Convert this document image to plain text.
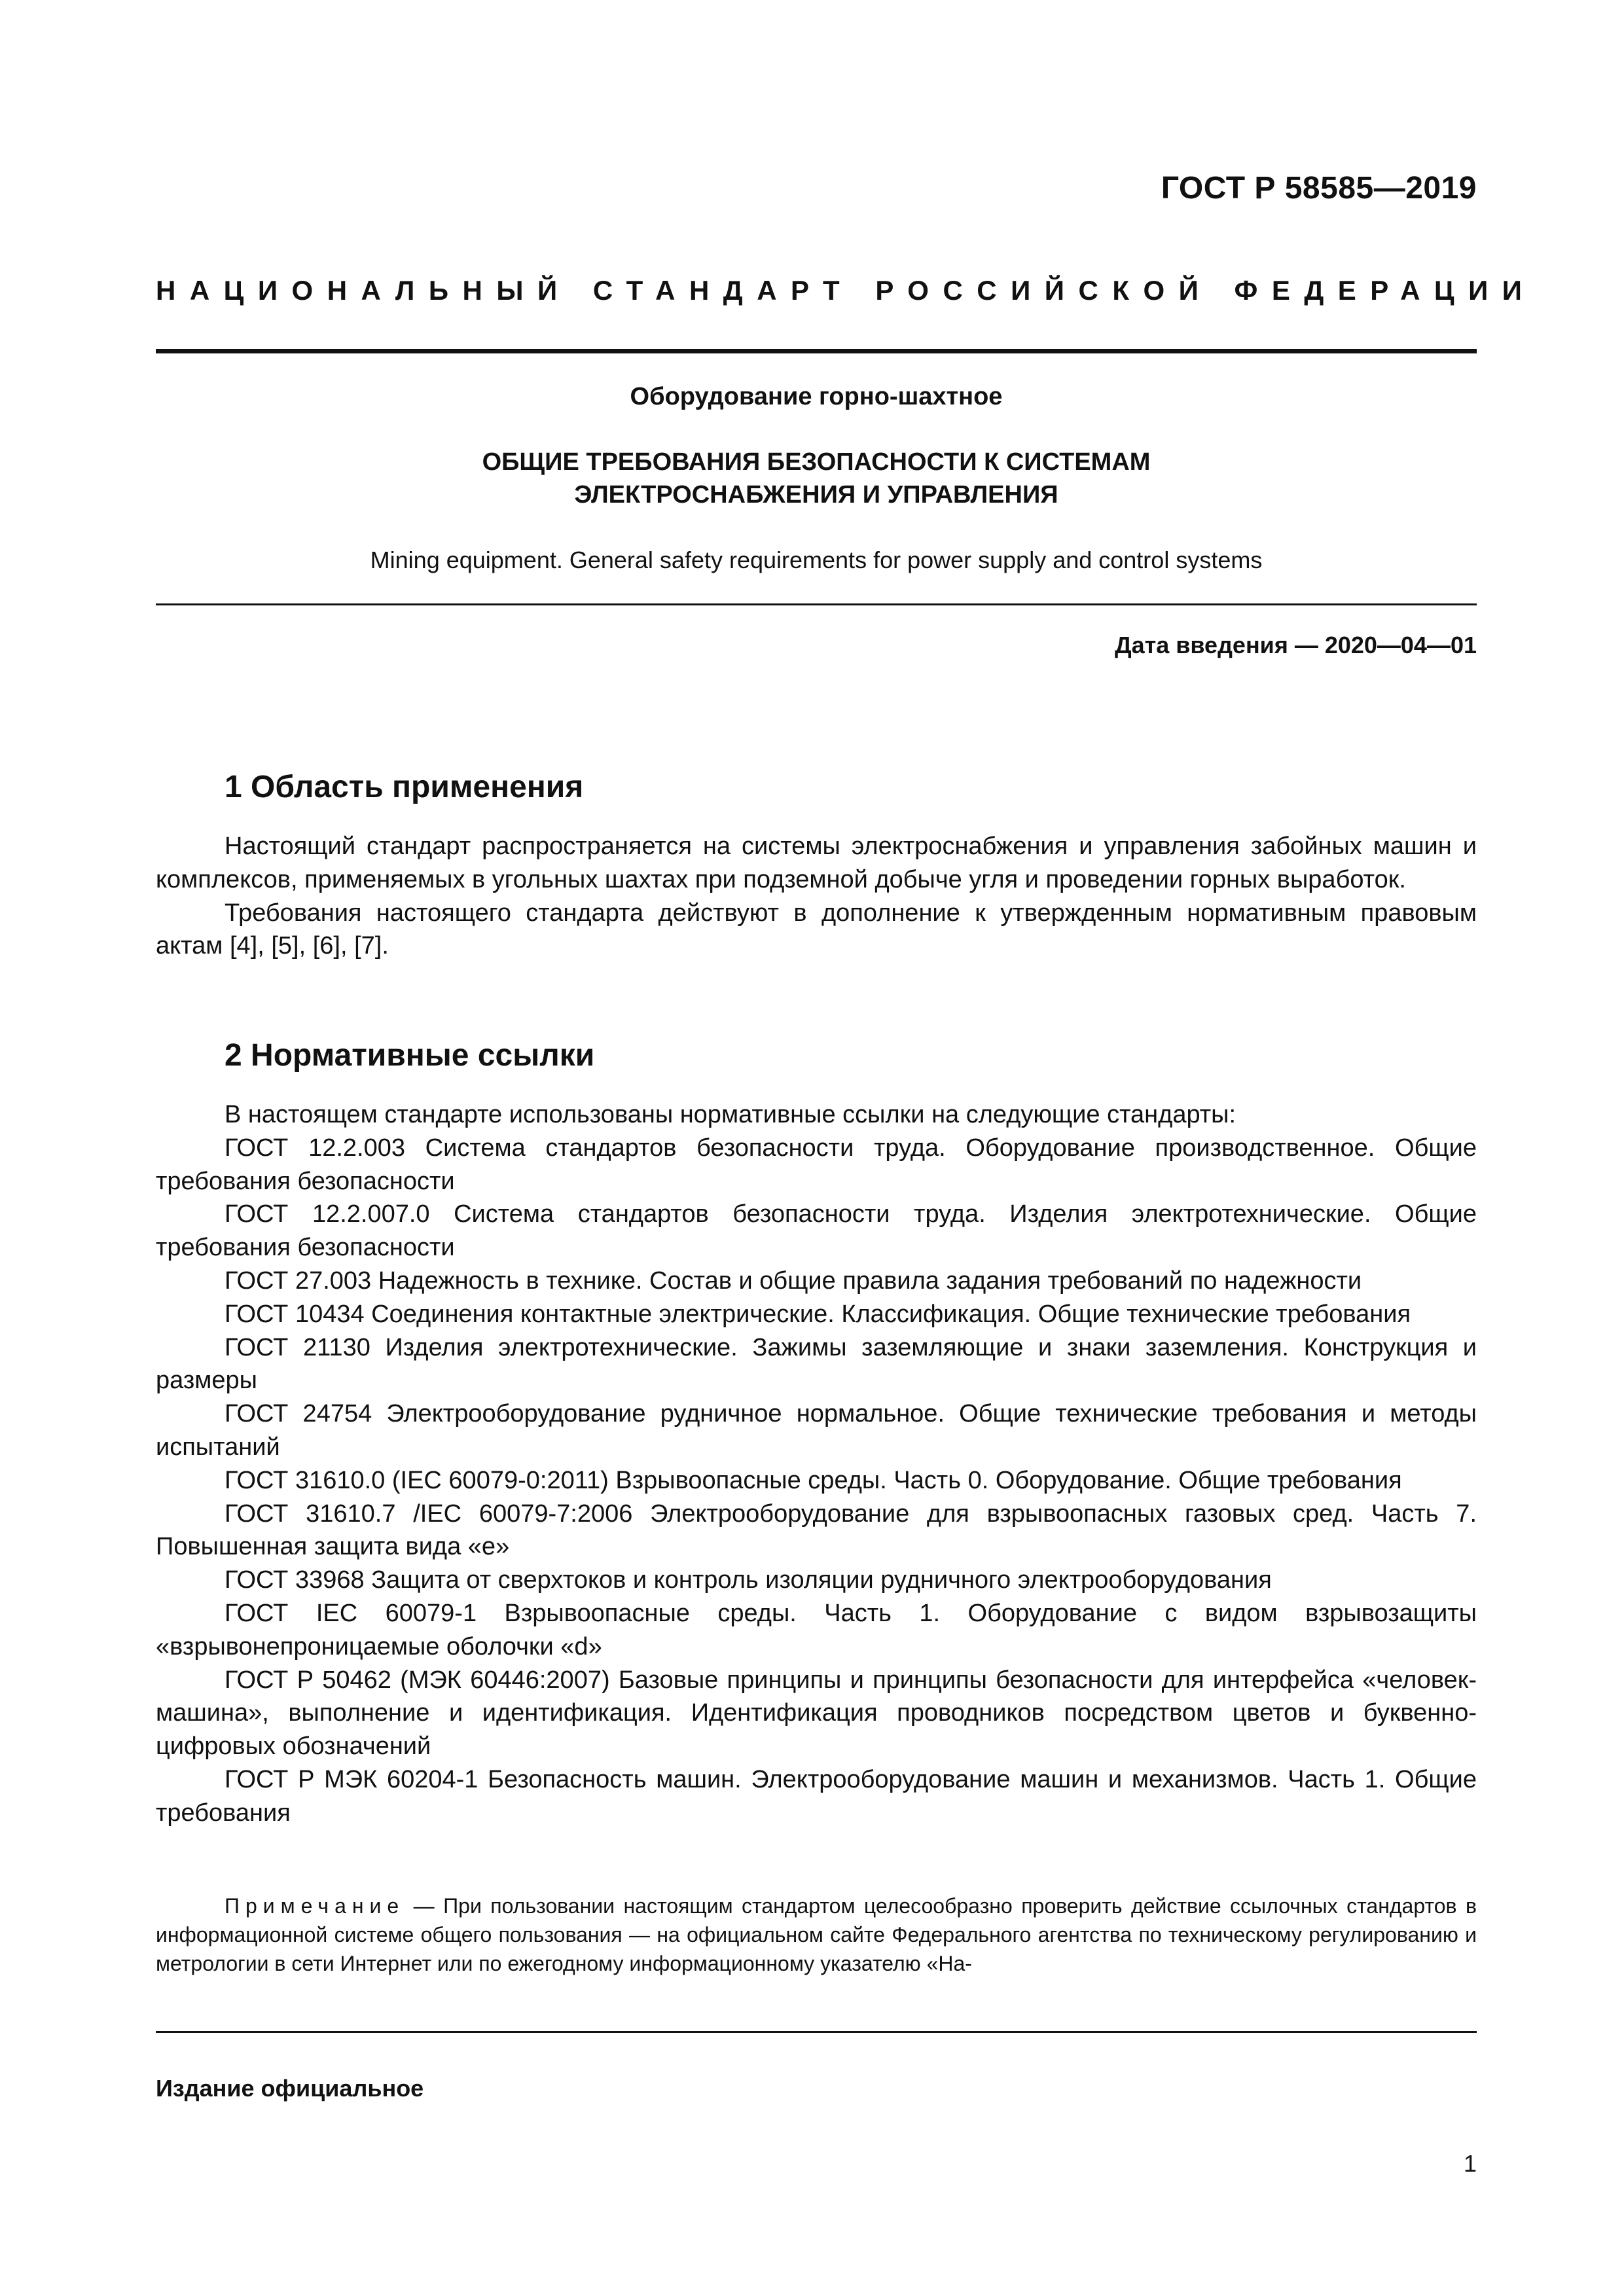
ГОСТ Р 58585—2019
НАЦИОНАЛЬНЫЙ СТАНДАРТ РОССИЙСКОЙ ФЕДЕРАЦИИ
Оборудование горно-шахтное
ОБЩИЕ ТРЕБОВАНИЯ БЕЗОПАСНОСТИ К СИСТЕМАМ
ЭЛЕКТРОСНАБЖЕНИЯ И УПРАВЛЕНИЯ
Mining equipment. General safety requirements for power supply and control systems
Дата введения — 2020—04—01
1 Область применения

Настоящий стандарт распространяется на системы электроснабжения и управления забойных машин и комплексов, применяемых в угольных шахтах при подземной добыче угля и проведении горных выработок.

Требования настоящего стандарта действуют в дополнение к утвержденным нормативным правовым актам [4], [5], [6], [7].

2 Нормативные ссылки

В настоящем стандарте использованы нормативные ссылки на следующие стандарты:

ГОСТ 12.2.003 Система стандартов безопасности труда. Оборудование производственное. Общие требования безопасности

ГОСТ 12.2.007.0 Система стандартов безопасности труда. Изделия электротехнические. Общие требования безопасности

ГОСТ 27.003 Надежность в технике. Состав и общие правила задания требований по надежности

ГОСТ 10434 Соединения контактные электрические. Классификация. Общие технические требования

ГОСТ 21130 Изделия электротехнические. Зажимы заземляющие и знаки заземления. Конструкция и размеры

ГОСТ 24754 Электрооборудование рудничное нормальное. Общие технические требования и методы испытаний

ГОСТ 31610.0 (IEC 60079-0:2011) Взрывоопасные среды. Часть 0. Оборудование. Общие требования

ГОСТ 31610.7 /IEC 60079-7:2006 Электрооборудование для взрывоопасных газовых сред. Часть 7. Повышенная защита вида «е»

ГОСТ 33968 Защита от сверхтоков и контроль изоляции рудничного электрооборудования

ГОСТ IEC 60079-1 Взрывоопасные среды. Часть 1. Оборудование с видом взрывозащиты «взрывонепроницаемые оболочки «d»

ГОСТ Р 50462 (МЭК 60446:2007) Базовые принципы и принципы безопасности для интерфейса «человек-машина», выполнение и идентификация. Идентификация проводников посредством цветов и буквенно-цифровых обозначений

ГОСТ Р МЭК 60204-1 Безопасность машин. Электрооборудование машин и механизмов. Часть 1. Общие требования

Примечание — При пользовании настоящим стандартом целесообразно проверить действие ссылочных стандартов в информационной системе общего пользования — на официальном сайте Федерального агентства по техническому регулированию и метрологии в сети Интернет или по ежегодному информационному указателю «На-
Издание официальное
1
